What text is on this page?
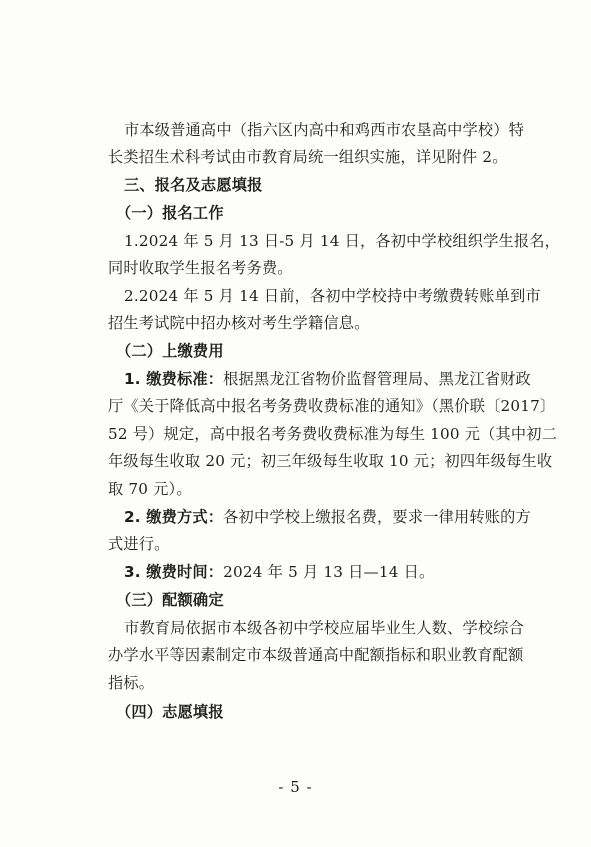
市本级普通高中（指六区内高中和鸡西市农垦高中学校）特
长类招生术科考试由市教育局统一组织实施，详见附件 2。
三、报名及志愿填报
（一）报名工作
1.2024 年 5 月 13 日-5 月 14 日，各初中学校组织学生报名，
同时收取学生报名考务费。
2.2024 年 5 月 14 日前，各初中学校持中考缴费转账单到市
招生考试院中招办核对考生学籍信息。
（二）上缴费用
1. 缴费标准：根据黑龙江省物价监督管理局、黑龙江省财政
厅《关于降低高中报名考务费收费标准的通知》（黑价联〔2017〕
52 号）规定，高中报名考务费收费标准为每生 100 元（其中初二
年级每生收取 20 元；初三年级每生收取 10 元；初四年级每生收
取 70 元）。
2. 缴费方式：各初中学校上缴报名费，要求一律用转账的方
式进行。
3. 缴费时间：2024 年 5 月 13 日—14 日。
（三）配额确定
市教育局依据市本级各初中学校应届毕业生人数、学校综合
办学水平等因素制定市本级普通高中配额指标和职业教育配额
指标。
（四）志愿填报
- 5 -
